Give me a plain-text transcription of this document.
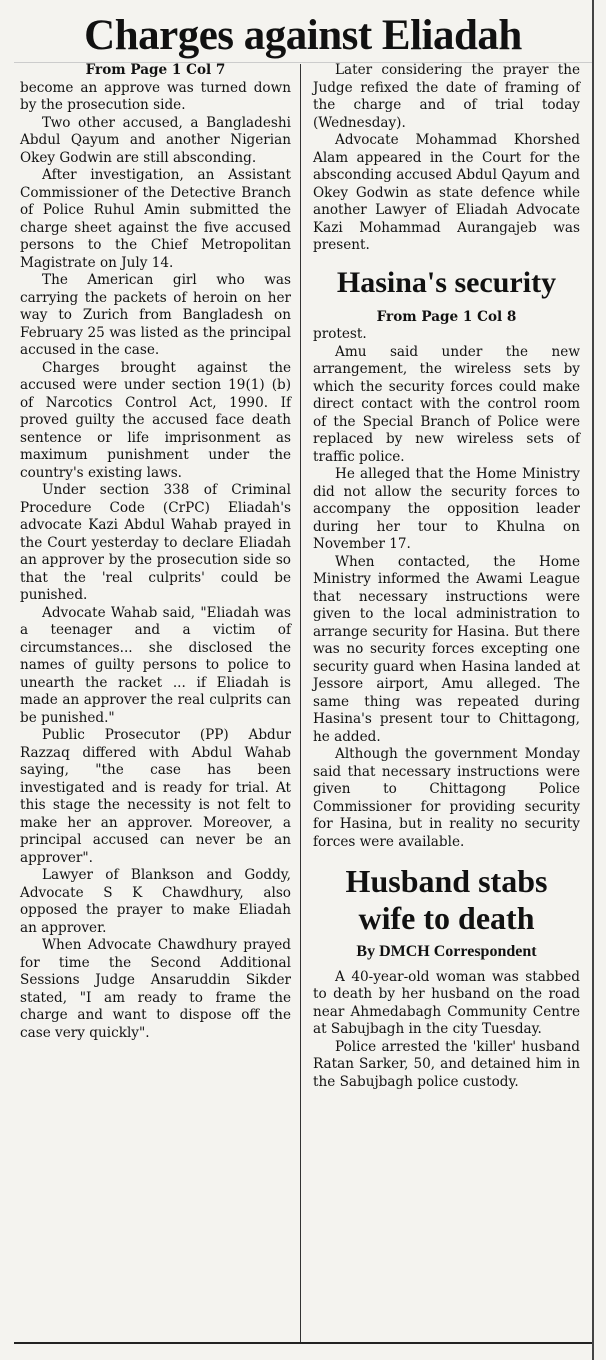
Charges against Eliadah
From Page 1 Col 7

become an approve was turned down by the prosecution side.

Two other accused, a Bangladeshi Abdul Qayum and another Nigerian Okey Godwin are still absconding.

After investigation, an Assistant Commissioner of the Detective Branch of Police Ruhul Amin submitted the charge sheet against the five accused persons to the Chief Metropolitan Magistrate on July 14.

The American girl who was carrying the packets of heroin on her way to Zurich from Bangladesh on February 25 was listed as the principal accused in the case.

Charges brought against the accused were under section 19(1) (b) of Narcotics Control Act, 1990. If proved guilty the accused face death sentence or life imprisonment as maximum punishment under the country's existing laws.

Under section 338 of Criminal Procedure Code (CrPC) Eliadah's advocate Kazi Abdul Wahab prayed in the Court yesterday to declare Eliadah an approver by the prosecution side so that the 'real culprits' could be punished.

Advocate Wahab said, "Eliadah was a teenager and a victim of circumstances... she disclosed the names of guilty persons to police to unearth the racket ... if Eliadah is made an approver the real culprits can be punished."

Public Prosecutor (PP) Abdur Razzaq differed with Abdul Wahab saying, "the case has been investigated and is ready for trial. At this stage the necessity is not felt to make her an approver. Moreover, a principal accused can never be an approver".

Lawyer of Blankson and Goddy, Advocate S K Chawdhury, also opposed the prayer to make Eliadah an approver.

When Advocate Chawdhury prayed for time the Second Additional Sessions Judge Ansaruddin Sikder stated, "I am ready to frame the charge and want to dispose off the case very quickly".

Later considering the prayer the Judge refixed the date of framing of the charge and of trial today (Wednesday).

Advocate Mohammad Khorshed Alam appeared in the Court for the absconding accused Abdul Qayum and Okey Godwin as state defence while another Lawyer of Eliadah Advocate Kazi Mohammad Aurangajeb was present.

Hasina's security
From Page 1 Col 8

protest.

Amu said under the new arrangement, the wireless sets by which the security forces could make direct contact with the control room of the Special Branch of Police were replaced by new wireless sets of traffic police.

He alleged that the Home Ministry did not allow the security forces to accompany the opposition leader during her tour to Khulna on November 17.

When contacted, the Home Ministry informed the Awami League that necessary instructions were given to the local administration to arrange security for Hasina. But there was no security forces excepting one security guard when Hasina landed at Jessore airport, Amu alleged. The same thing was repeated during Hasina's present tour to Chittagong, he added.

Although the government Monday said that necessary instructions were given to Chittagong Police Commissioner for providing security for Hasina, but in reality no security forces were available.

Husband stabs
wife to death
By DMCH Correspondent

A 40-year-old woman was stabbed to death by her husband on the road near Ahmedabagh Community Centre at Sabujbagh in the city Tuesday.

Police arrested the 'killer' husband Ratan Sarker, 50, and detained him in the Sabujbagh police custody.
